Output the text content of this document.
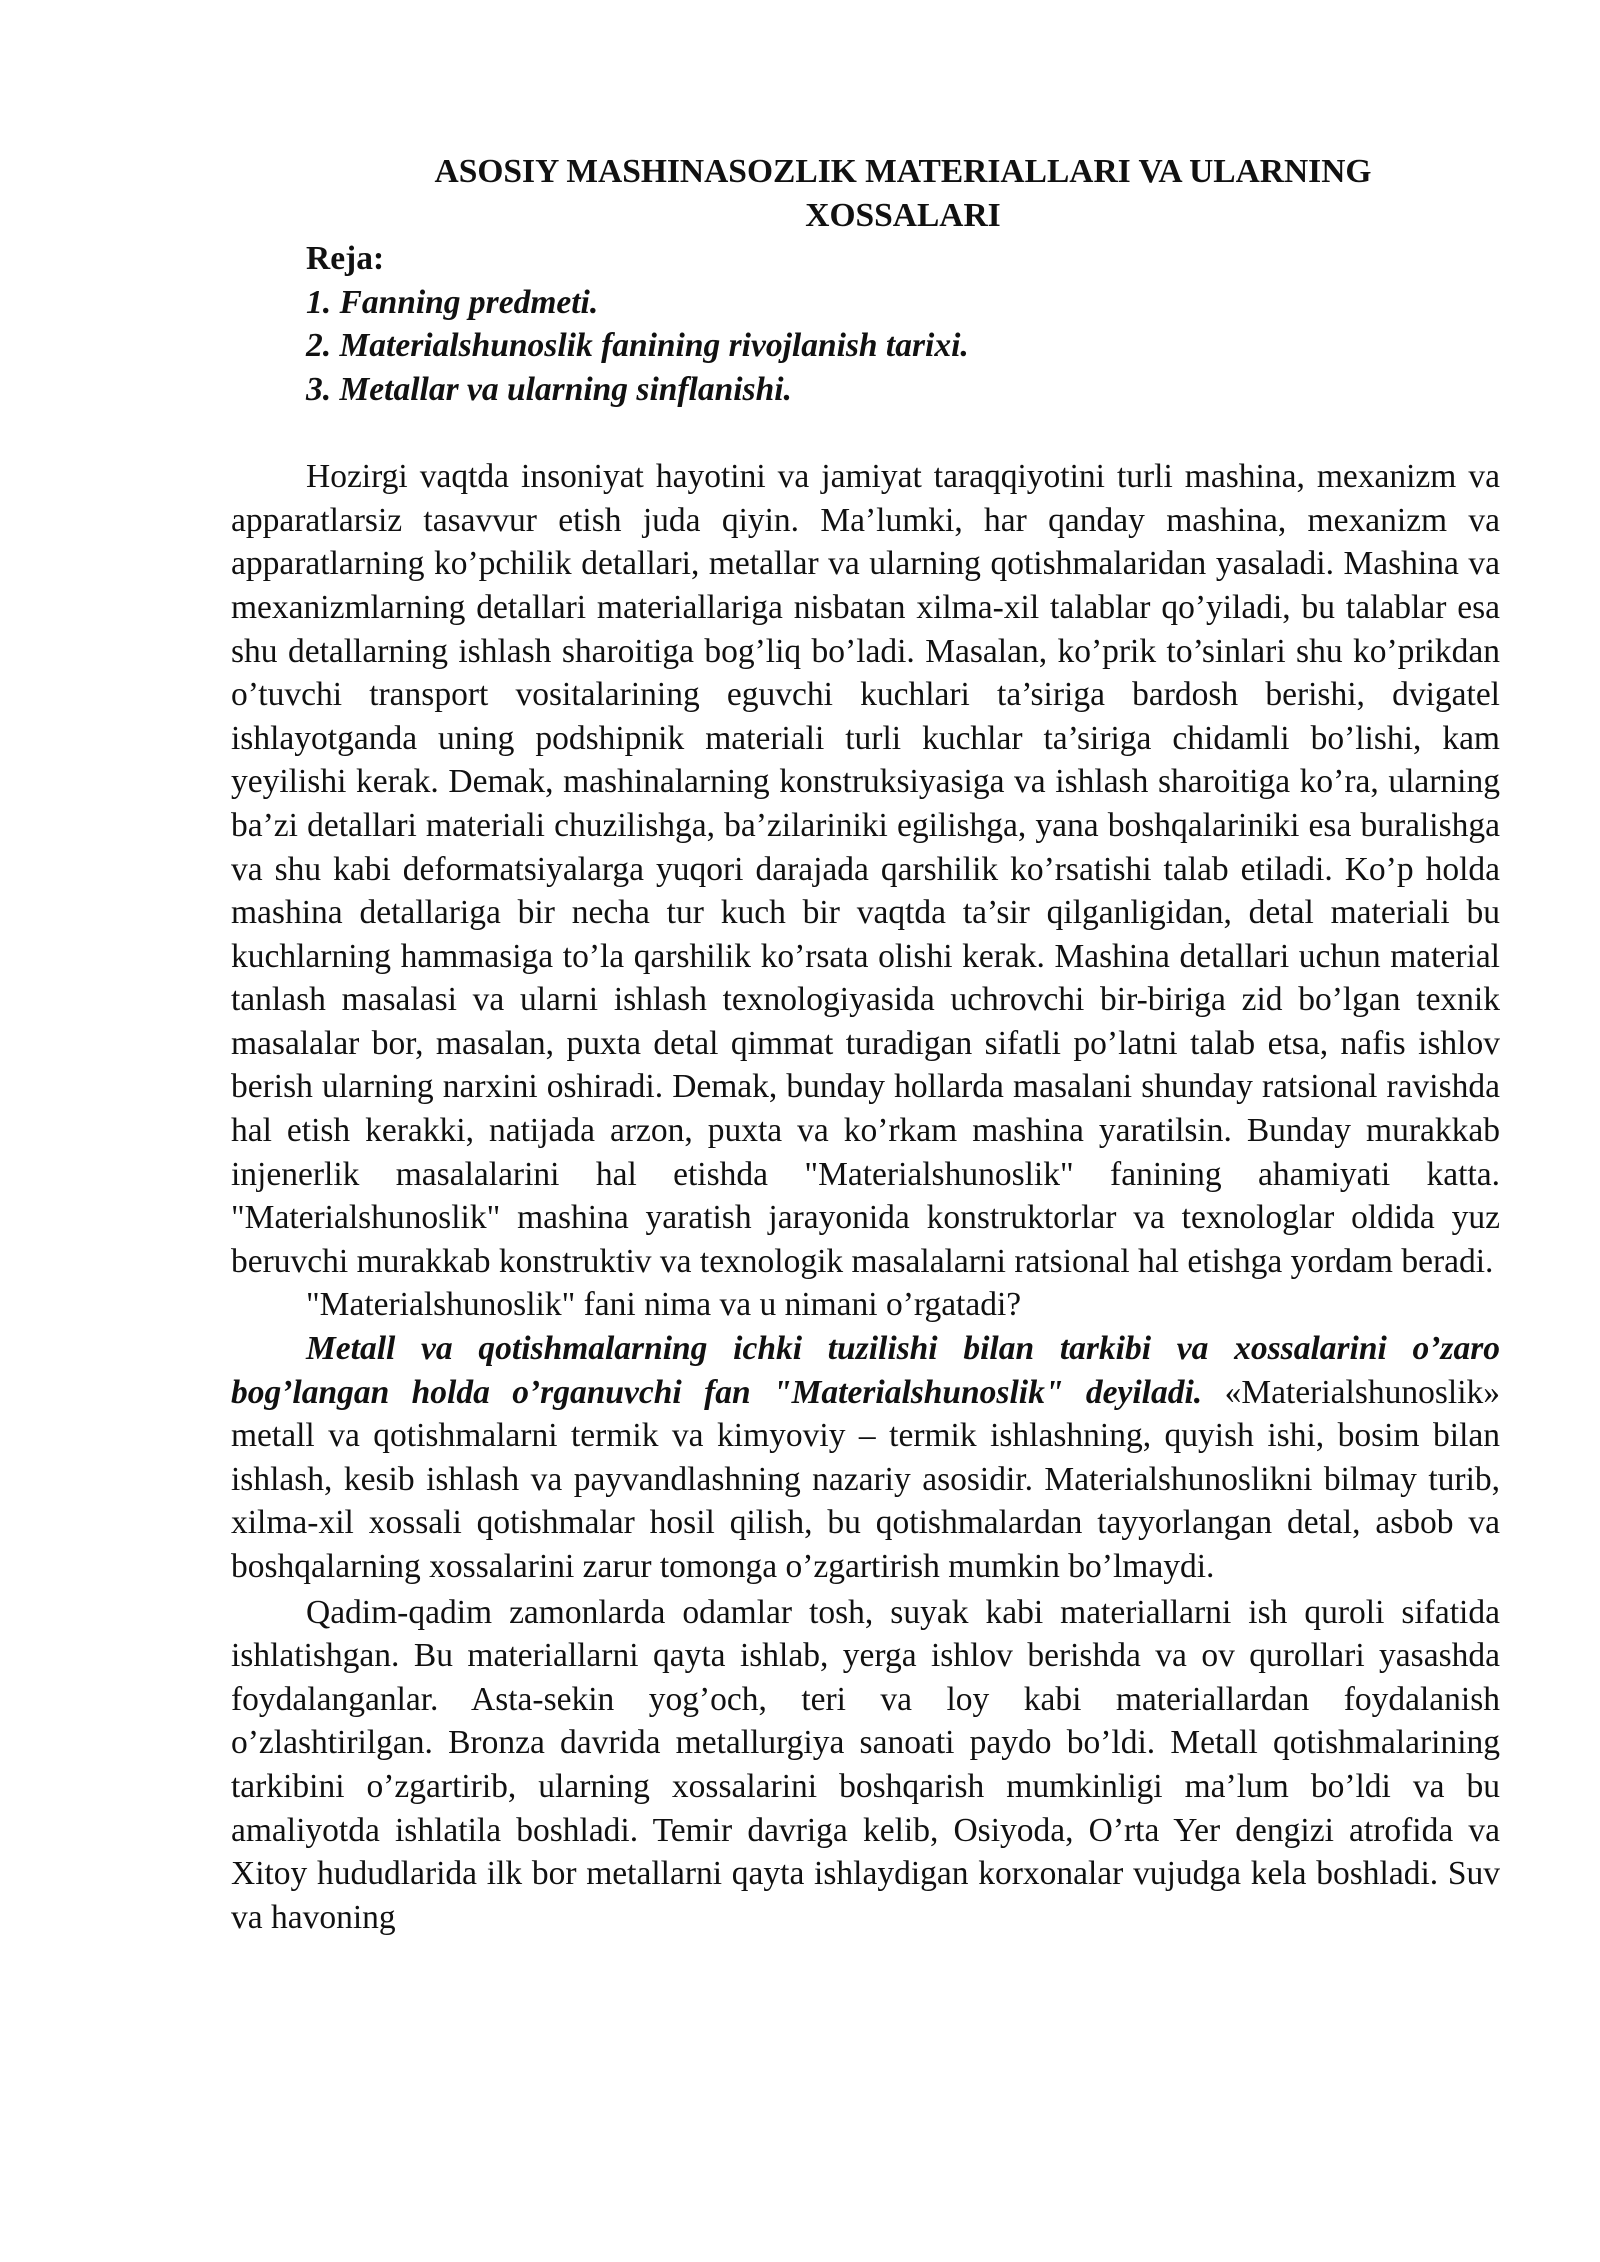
ASOSIY MASHINASOZLIK MATERIALLARI VA ULARNING
XOSSALARI
Reja:
1. Fanning predmeti.
2. Materialshunoslik fanining rivojlanish tarixi.
3. Metallar va ularning sinflanishi.

Hozirgi vaqtda insoniyat hayotini va jamiyat taraqqiyotini turli mashina, mexanizm va apparatlarsiz tasavvur etish juda qiyin. Ma’lumki, har qanday mashina, mexanizm va apparatlarning ko’pchilik detallari, metallar va ularning qotishmalaridan yasaladi. Mashina va mexanizmlarning detallari materiallariga nisbatan xilma-xil talablar qo’yiladi, bu talablar esa shu detallarning ishlash sharoitiga bog’liq bo’ladi. Masalan, ko’prik to’sinlari shu ko’prikdan o’tuvchi transport vositalarining eguvchi kuchlari ta’siriga bardosh berishi, dvigatel ishlayotganda uning podshipnik materiali turli kuchlar ta’siriga chidamli bo’lishi, kam yeyilishi kerak. Demak, mashinalarning konstruksiyasiga va ishlash sharoitiga ko’ra, ularning ba’zi detallari materiali chuzilishga, ba’zilariniki egilishga, yana boshqalariniki esa buralishga va shu kabi deformatsiyalarga yuqori darajada qarshilik ko’rsatishi talab etiladi. Ko’p holda mashina detallariga bir necha tur kuch bir vaqtda ta’sir qilganligidan, detal materiali bu kuchlarning hammasiga to’la qarshilik ko’rsata olishi kerak. Mashina detallari uchun material tanlash masalasi va ularni ishlash texnologiyasida uchrovchi bir-biriga zid bo’lgan texnik masalalar bor, masalan, puxta detal qimmat turadigan sifatli po’latni talab etsa, nafis ishlov berish ularning narxini oshiradi. Demak, bunday hollarda masalani shunday ratsional ravishda hal etish kerakki, natijada arzon, puxta va ko’rkam mashina yaratilsin. Bunday murakkab injenerlik masalalarini hal etishda "Materialshunoslik" fanining ahamiyati katta. "Materialshunoslik" mashina yaratish jarayonida konstruktorlar va texnologlar oldida yuz beruvchi murakkab konstruktiv va texnologik masalalarni ratsional hal etishga yordam beradi.

"Materialshunoslik" fani nima va u nimani o’rgatadi?

Metall va qotishmalarning ichki tuzilishi bilan tarkibi va xossalarini o’zaro bog’langan holda o’rganuvchi fan "Materialshunoslik" deyiladi. «Materialshunoslik» metall va qotishmalarni termik va kimyoviy – termik ishlashning, quyish ishi, bosim bilan ishlash, kesib ishlash va payvandlashning nazariy asosidir. Materialshunoslikni bilmay turib, xilma-xil xossali qotishmalar hosil qilish, bu qotishmalardan tayyorlangan detal, asbob va boshqalarning xossalarini zarur tomonga o’zgartirish mumkin bo’lmaydi.

Qadim-qadim zamonlarda odamlar tosh, suyak kabi materiallarni ish quroli sifatida ishlatishgan. Bu materiallarni qayta ishlab, yerga ishlov berishda va ov qurollari yasashda foydalanganlar. Asta-sekin yog’och, teri va loy kabi materiallardan foydalanish o’zlashtirilgan. Bronza davrida metallurgiya sanoati paydo bo’ldi. Metall qotishmalarining tarkibini o’zgartirib, ularning xossalarini boshqarish mumkinligi ma’lum bo’ldi va bu amaliyotda ishlatila boshladi. Temir davriga kelib, Osiyoda, O’rta Yer dengizi atrofida va Xitoy hududlarida ilk bor metallarni qayta ishlaydigan korxonalar vujudga kela boshladi. Suv va havoning
